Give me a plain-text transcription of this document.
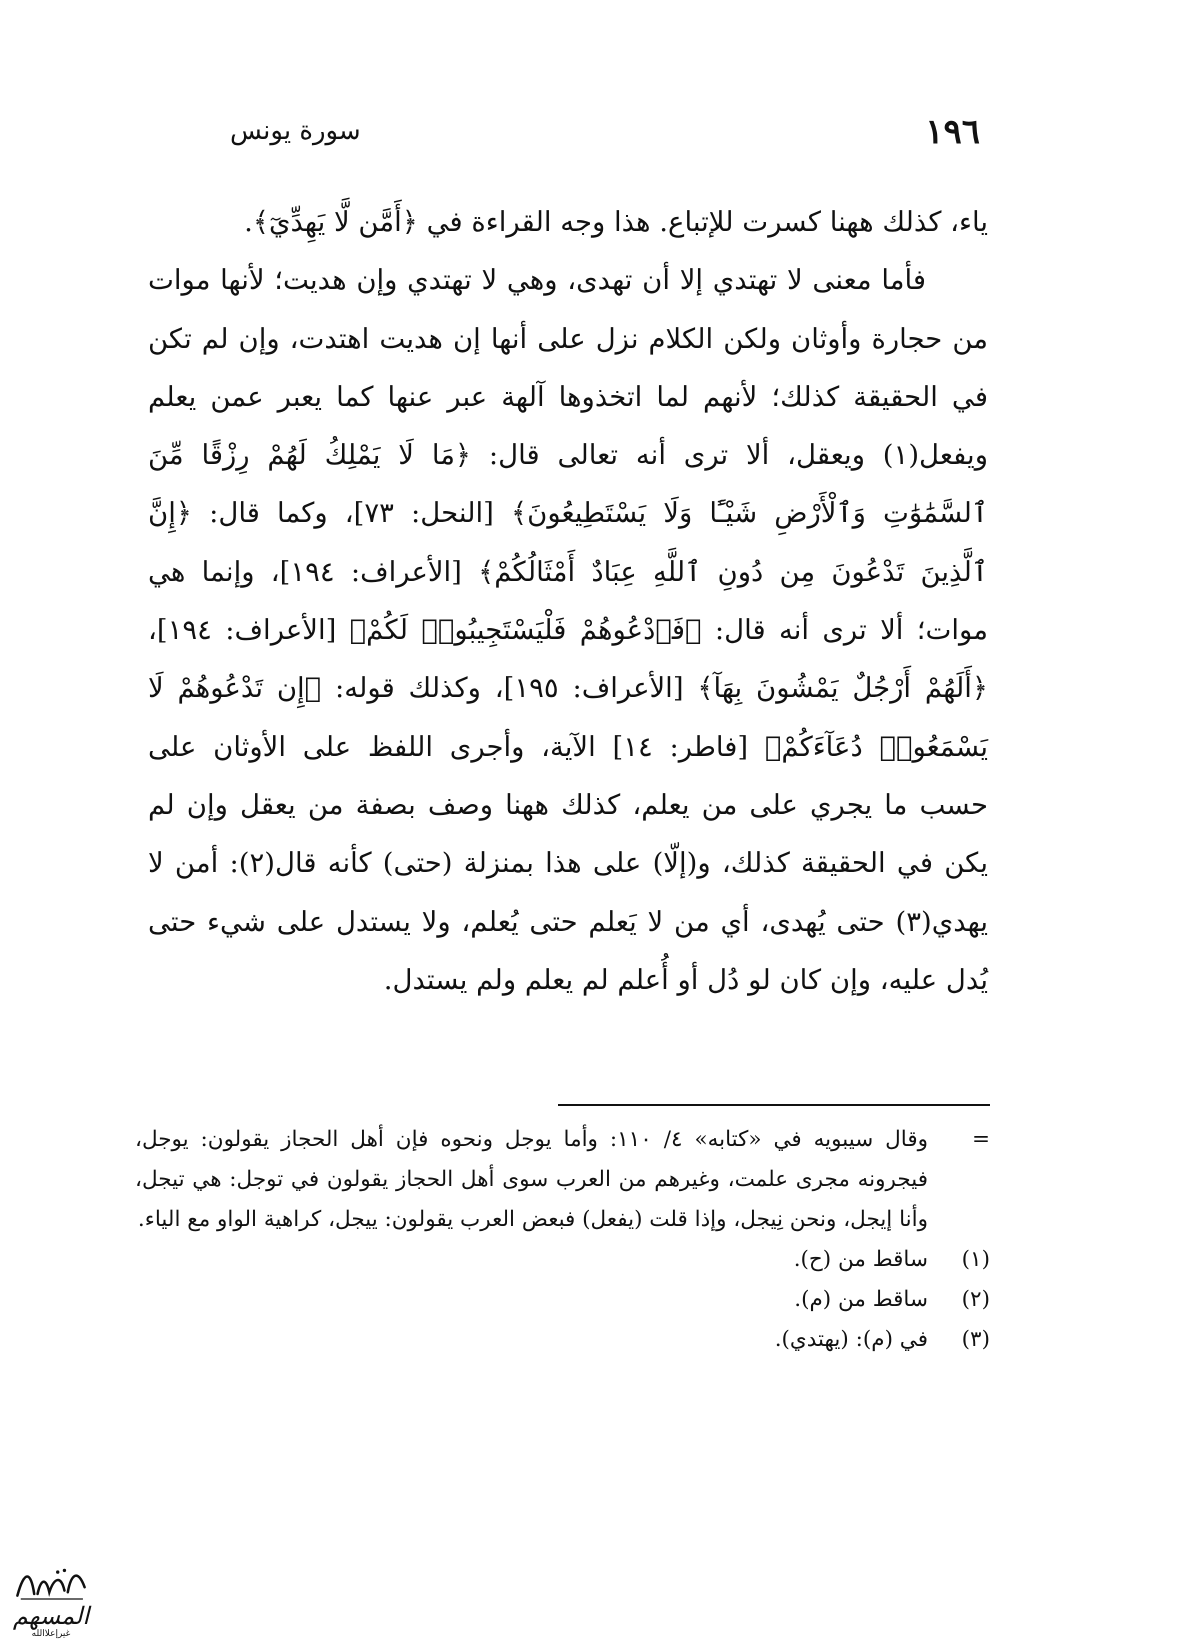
١٩٦
سورة يونس

ياء، كذلك ههنا كسرت للإتباع. هذا وجه القراءة في ﴿أَمَّن لَّا يَهِدِّيٓ﴾.

فأما معنى لا تهتدي إلا أن تهدى، وهي لا تهتدي وإن هديت؛ لأنها موات من حجارة وأوثان ولكن الكلام نزل على أنها إن هديت اهتدت، وإن لم تكن في الحقيقة كذلك؛ لأنهم لما اتخذوها آلهة عبر عنها كما يعبر عمن يعلم ويفعل(١) ويعقل، ألا ترى أنه تعالى قال: ﴿مَا لَا يَمْلِكُ لَهُمْ رِزْقًا مِّنَ ٱلسَّمَٰوَٰتِ وَٱلْأَرْضِ شَيْـًٔا وَلَا يَسْتَطِيعُونَ﴾ [النحل: ٧٣]، وكما قال: ﴿إِنَّ ٱلَّذِينَ تَدْعُونَ مِن دُونِ ٱللَّهِ عِبَادٌ أَمْثَالُكُمْ﴾ [الأعراف: ١٩٤]، وإنما هي موات؛ ألا ترى أنه قال: ﴿فَٱدْعُوهُمْ فَلْيَسْتَجِيبُوا۟ لَكُمْ﴾ [الأعراف: ١٩٤]، ﴿أَلَهُمْ أَرْجُلٌ يَمْشُونَ بِهَآ﴾ [الأعراف: ١٩٥]، وكذلك قوله: ﴿إِن تَدْعُوهُمْ لَا يَسْمَعُوا۟ دُعَآءَكُمْ﴾ [فاطر: ١٤] الآية، وأجرى اللفظ على الأوثان على حسب ما يجري على من يعلم، كذلك ههنا وصف بصفة من يعقل وإن لم يكن في الحقيقة كذلك، و(إلّا) على هذا بمنزلة (حتى) كأنه قال(٢): أمن لا يهدي(٣) حتى يُهدى، أي من لا يَعلم حتى يُعلم، ولا يستدل على شيء حتى يُدل عليه، وإن كان لو دُل أو أُعلم لم يعلم ولم يستدل.

=
وقال سيبويه في «كتابه» ٤/ ١١٠: وأما يوجل ونحوه فإن أهل الحجاز يقولون: يوجل، فيجرونه مجرى علمت، وغيرهم من العرب سوى أهل الحجاز يقولون في توجل: هي تيجل، وأنا إيجل، ونحن نِيجل، وإذا قلت (يفعل) فبعض العرب يقولون: ييجل، كراهية الواو مع الياء.
(١)
ساقط من (ح).
(٢)
ساقط من (م).
(٣)
في (م): (يهتدي).
المسهم
غيرإعلاالله
